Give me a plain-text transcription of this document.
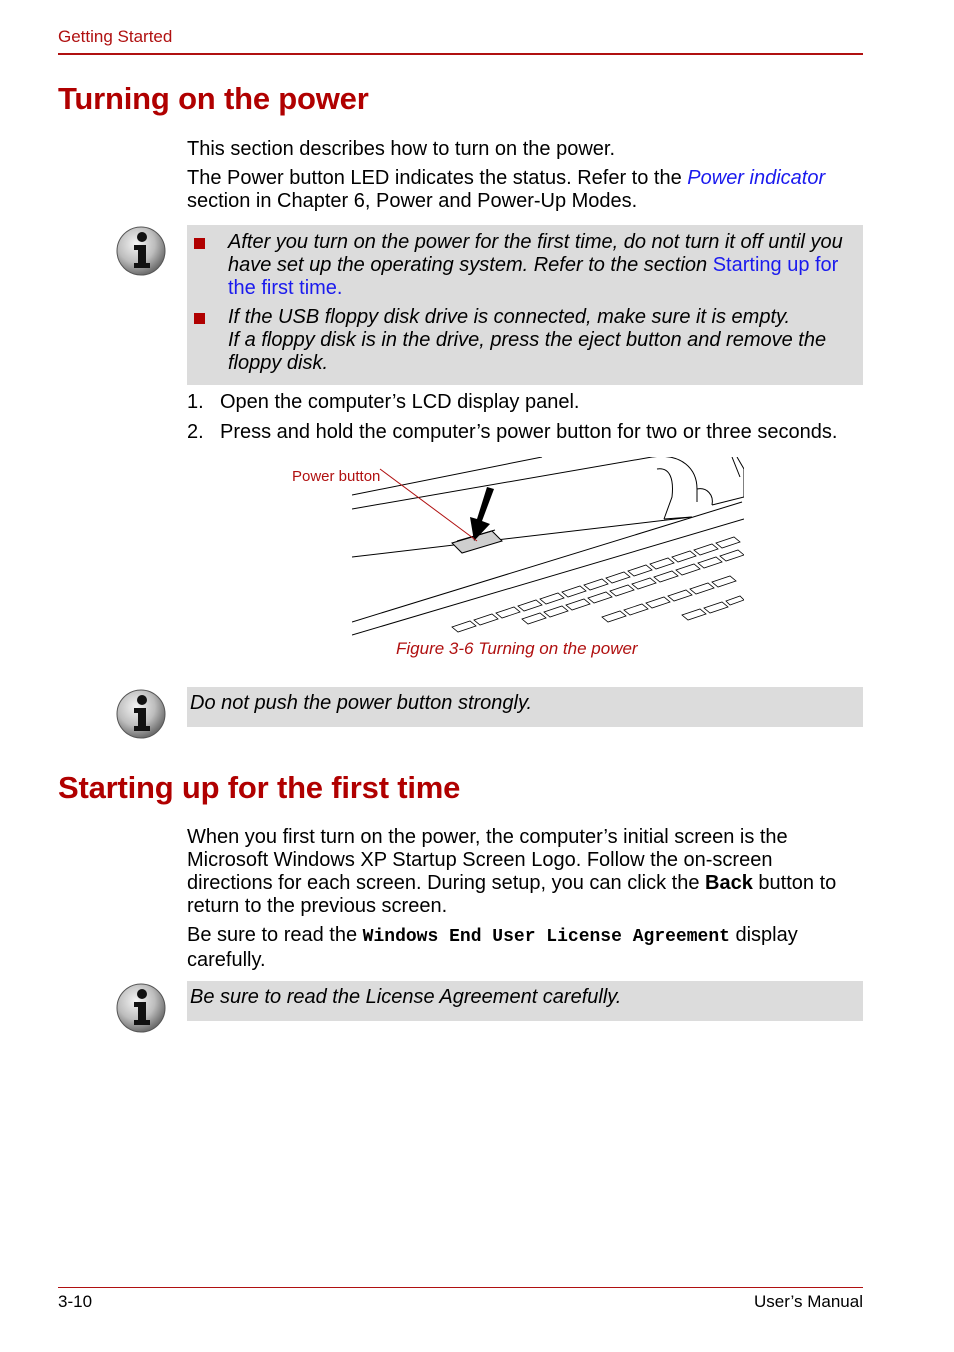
Getting Started
Turning on the power

This section describes how to turn on the power.

The Power button LED indicates the status. Refer to the Power indicator
section in Chapter 6, Power and Power-Up Modes.
After you turn on the power for the first time, do not turn it off until you
have set up the operating system. Refer to the section Starting up for
the first time.
If the USB floppy disk drive is connected, make sure it is empty.
If a floppy disk is in the drive, press the eject button and remove the
floppy disk.
1. Open the computer’s LCD display panel.
2. Press and hold the computer’s power button for two or three seconds.
Power button
Figure 3-6 Turning on the power
Do not push the power button strongly.
Starting up for the first time
When you first turn on the power, the computer’s initial screen is the
Microsoft Windows XP Startup Screen Logo. Follow the on-screen
directions for each screen. During setup, you can click the Back button to
return to the previous screen.
Be sure to read the Windows End User License Agreement display
carefully.
Be sure to read the License Agreement carefully.
3-10	User’s Manual
